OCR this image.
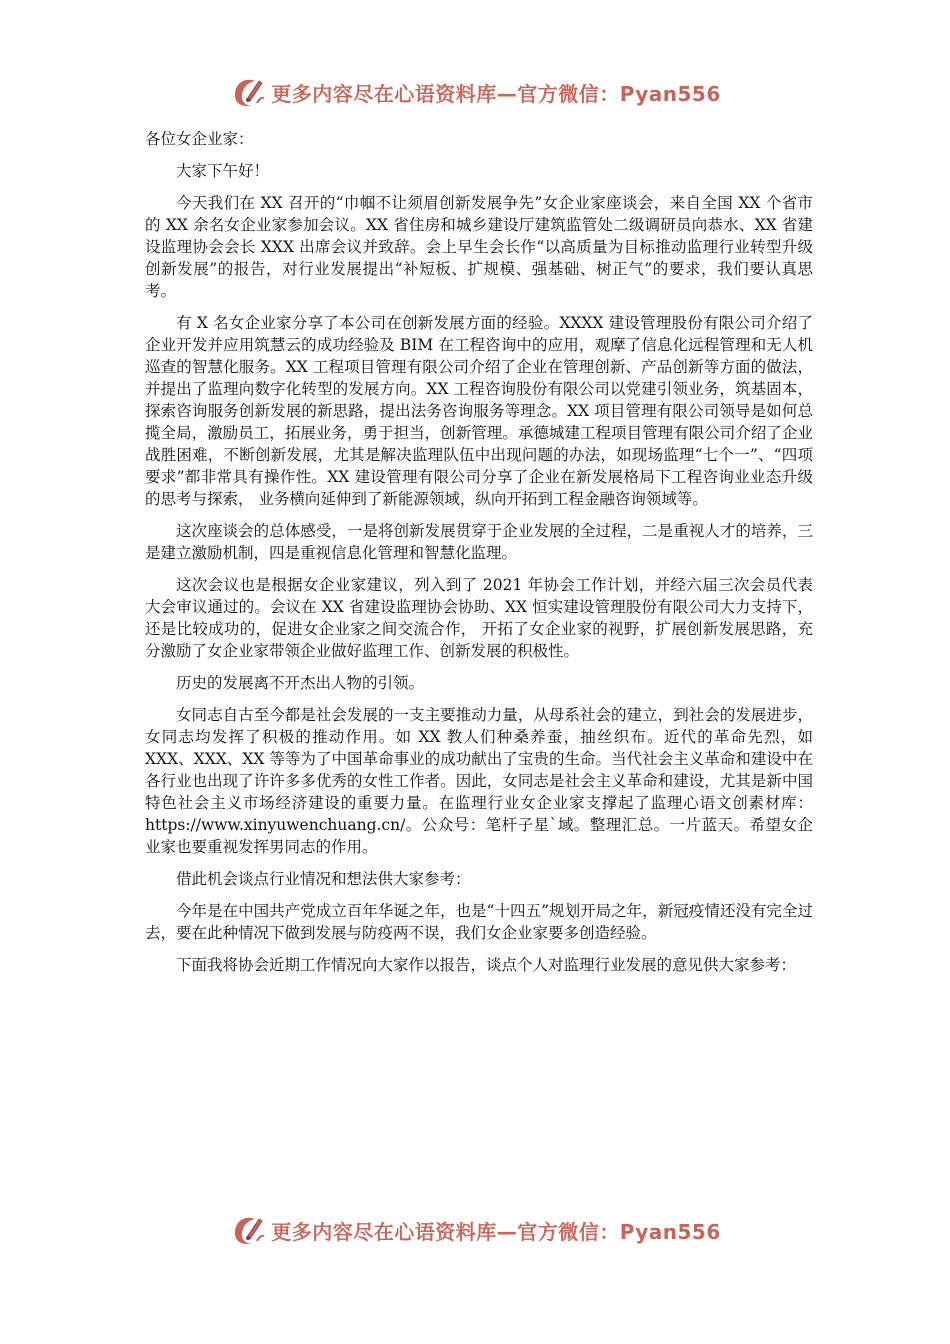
更多内容尽在心语资料库—官方微信：Pyan556

各位女企业家：

大家下午好！

今天我们在 XX 召开的“巾帼不让须眉创新发展争先”女企业家座谈会，来自全国 XX 个省市的 XX 余名女企业家参加会议。XX 省住房和城乡建设厅建筑监管处二级调研员向恭水、XX 省建设监理协会会长 XXX 出席会议并致辞。会上早生会长作“以高质量为目标推动监理行业转型升级创新发展”的报告，对行业发展提出“补短板、扩规模、强基础、树正气”的要求，我们要认真思考。

有 X 名女企业家分享了本公司在创新发展方面的经验。XXXX 建设管理股份有限公司介绍了企业开发并应用筑慧云的成功经验及 BIM 在工程咨询中的应用，观摩了信息化远程管理和无人机巡查的智慧化服务。XX 工程项目管理有限公司介绍了企业在管理创新、产品创新等方面的做法，并提出了监理向数字化转型的发展方向。XX 工程咨询股份有限公司以党建引领业务，筑基固本，探索咨询服务创新发展的新思路，提出法务咨询服务等理念。XX 项目管理有限公司领导是如何总揽全局，激励员工，拓展业务，勇于担当，创新管理。承德城建工程项目管理有限公司介绍了企业战胜困难，不断创新发展，尤其是解决监理队伍中出现问题的办法，如现场监理“七个一”、“四项要求”都非常具有操作性。XX 建设管理有限公司分享了企业在新发展格局下工程咨询业业态升级的思考与探索， 业务横向延伸到了新能源领域，纵向开拓到工程金融咨询领域等。

这次座谈会的总体感受，一是将创新发展贯穿于企业发展的全过程，二是重视人才的培养，三是建立激励机制，四是重视信息化管理和智慧化监理。

这次会议也是根据女企业家建议，列入到了 2021 年协会工作计划，并经六届三次会员代表大会审议通过的。会议在 XX 省建设监理协会协助、XX 恒实建设管理股份有限公司大力支持下，还是比较成功的，促进女企业家之间交流合作， 开拓了女企业家的视野，扩展创新发展思路，充分激励了女企业家带领企业做好监理工作、创新发展的积极性。

历史的发展离不开杰出人物的引领。

女同志自古至今都是社会发展的一支主要推动力量，从母系社会的建立，到社会的发展进步，女同志均发挥了积极的推动作用。如 XX 教人们种桑养蚕，抽丝织布。近代的革命先烈，如 XXX、XXX、XX 等等为了中国革命事业的成功献出了宝贵的生命。当代社会主义革命和建设中在各行业也出现了许许多多优秀的女性工作者。因此，女同志是社会主义革命和建设，尤其是新中国特色社会主义市场经济建设的重要力量。在监理行业女企业家支撑起了监理心语文创素‍材库：https://www.xinyuwenchuang.cn/。公众号：笔杆子星`域。整理汇总。一片蓝天。希望女企业家也要重视发挥男同志的作用。

借此机会谈点行业情况和想法供大家参考：

今年是在中国共产党成立百年华诞之年，也是“十四五”规划开局之年，新冠疫情还没有完全过去，要在此种情况下做到发展与防疫两不误，我们女企业家要多创造经验。

下面我将协会近期工作情况向大家作以报告，谈点个人对监理行业发展的意见供大家参考：

更多内容尽在心语资料库—官方微信：Pyan556
